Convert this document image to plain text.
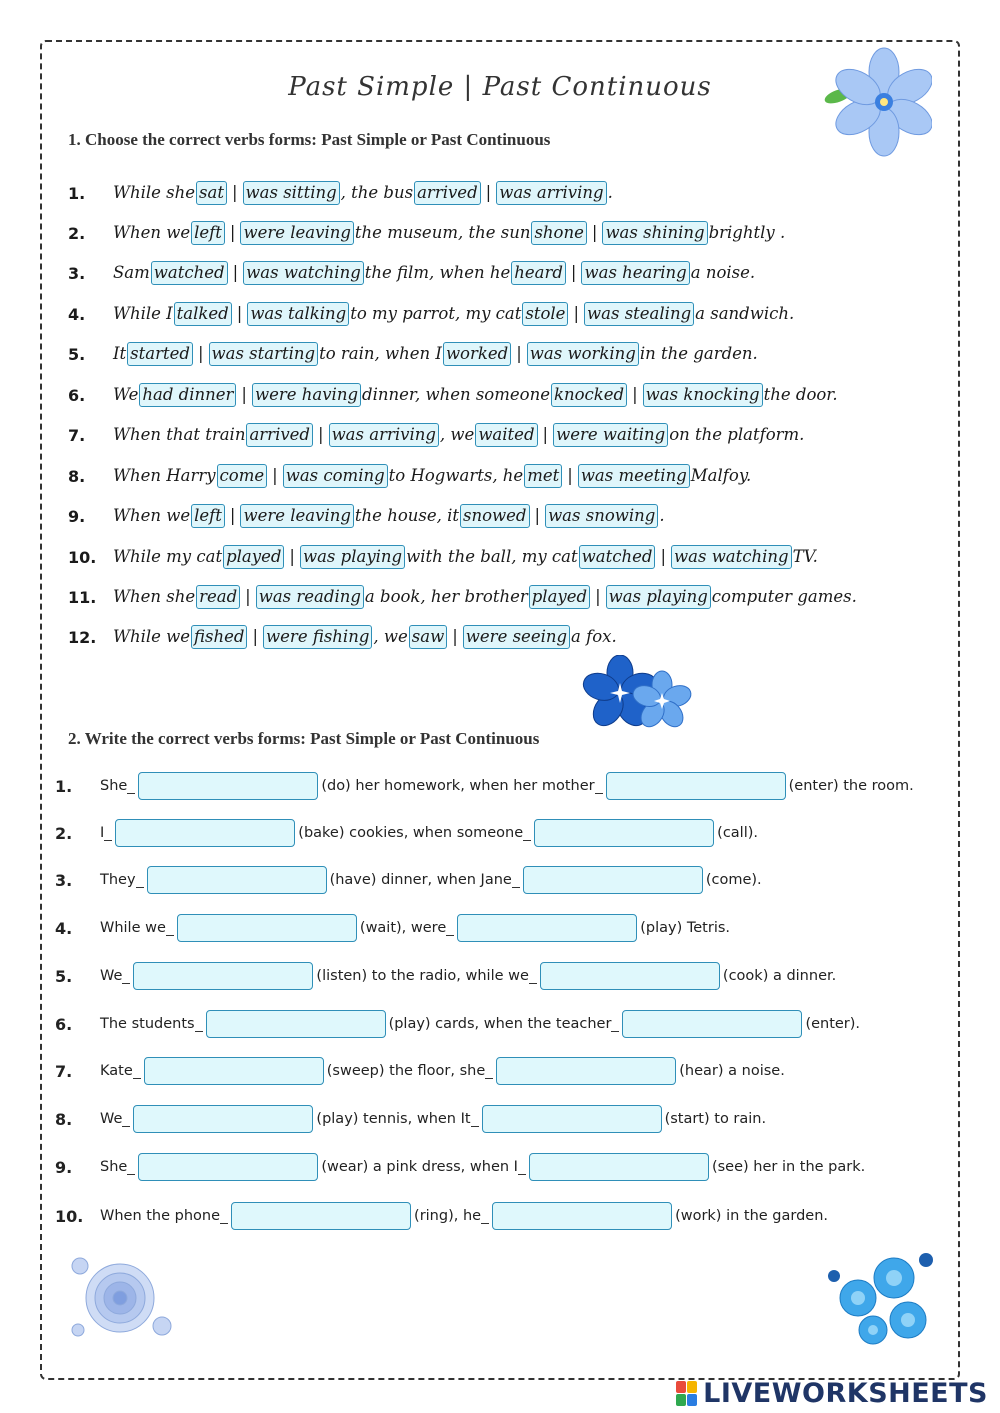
Past Simple | Past Continuous
1. Choose the correct verbs forms: Past Simple or Past Continuous
1.	While she sat | was sitting , the bus arrived | was arriving .
2.	When we left | were leaving the museum, the sun shone | was shining brightly .
3.	Sam watched | was watching the film, when he heard | was hearing a noise.
4.	While I talked | was talking to my parrot, my cat stole | was stealing a sandwich.
5.	It started | was starting to rain, when I worked | was working in the garden.
6.	We had dinner | were having dinner, when someone knocked | was knocking the door.
7.	When that train arrived | was arriving , we waited | were waiting on the platform.
8.	When Harry come | was coming to Hogwarts, he met | was meeting Malfoy.
9.	When we left | were leaving the house, it snowed | was snowing .
10.	While my cat played | was playing with the ball, my cat watched | was watching TV.
11.	When she read | was reading a book, her brother played | was playing computer games.
12.	While we fished | were fishing , we saw | were seeing a fox.
2. Write the correct verbs forms: Past Simple or Past Continuous
1.	She	(do) her homework, when her mother	(enter) the room.
2.	I	(bake) cookies, when someone	(call).
3.	They	(have) dinner, when Jane	(come).
4.	While we	(wait), were	(play) Tetris.
5.	We	(listen) to the radio, while we	(cook) a dinner.
6.	The students	(play) cards, when the teacher	(enter).
7.	Kate	(sweep) the floor, she	(hear) a noise.
8.	We	(play) tennis, when It	(start) to rain.
9.	She	(wear) a pink dress, when I	(see) her in the park.
10.	When the phone	(ring), he	(work) in the garden.
LIVEWORKSHEETS
